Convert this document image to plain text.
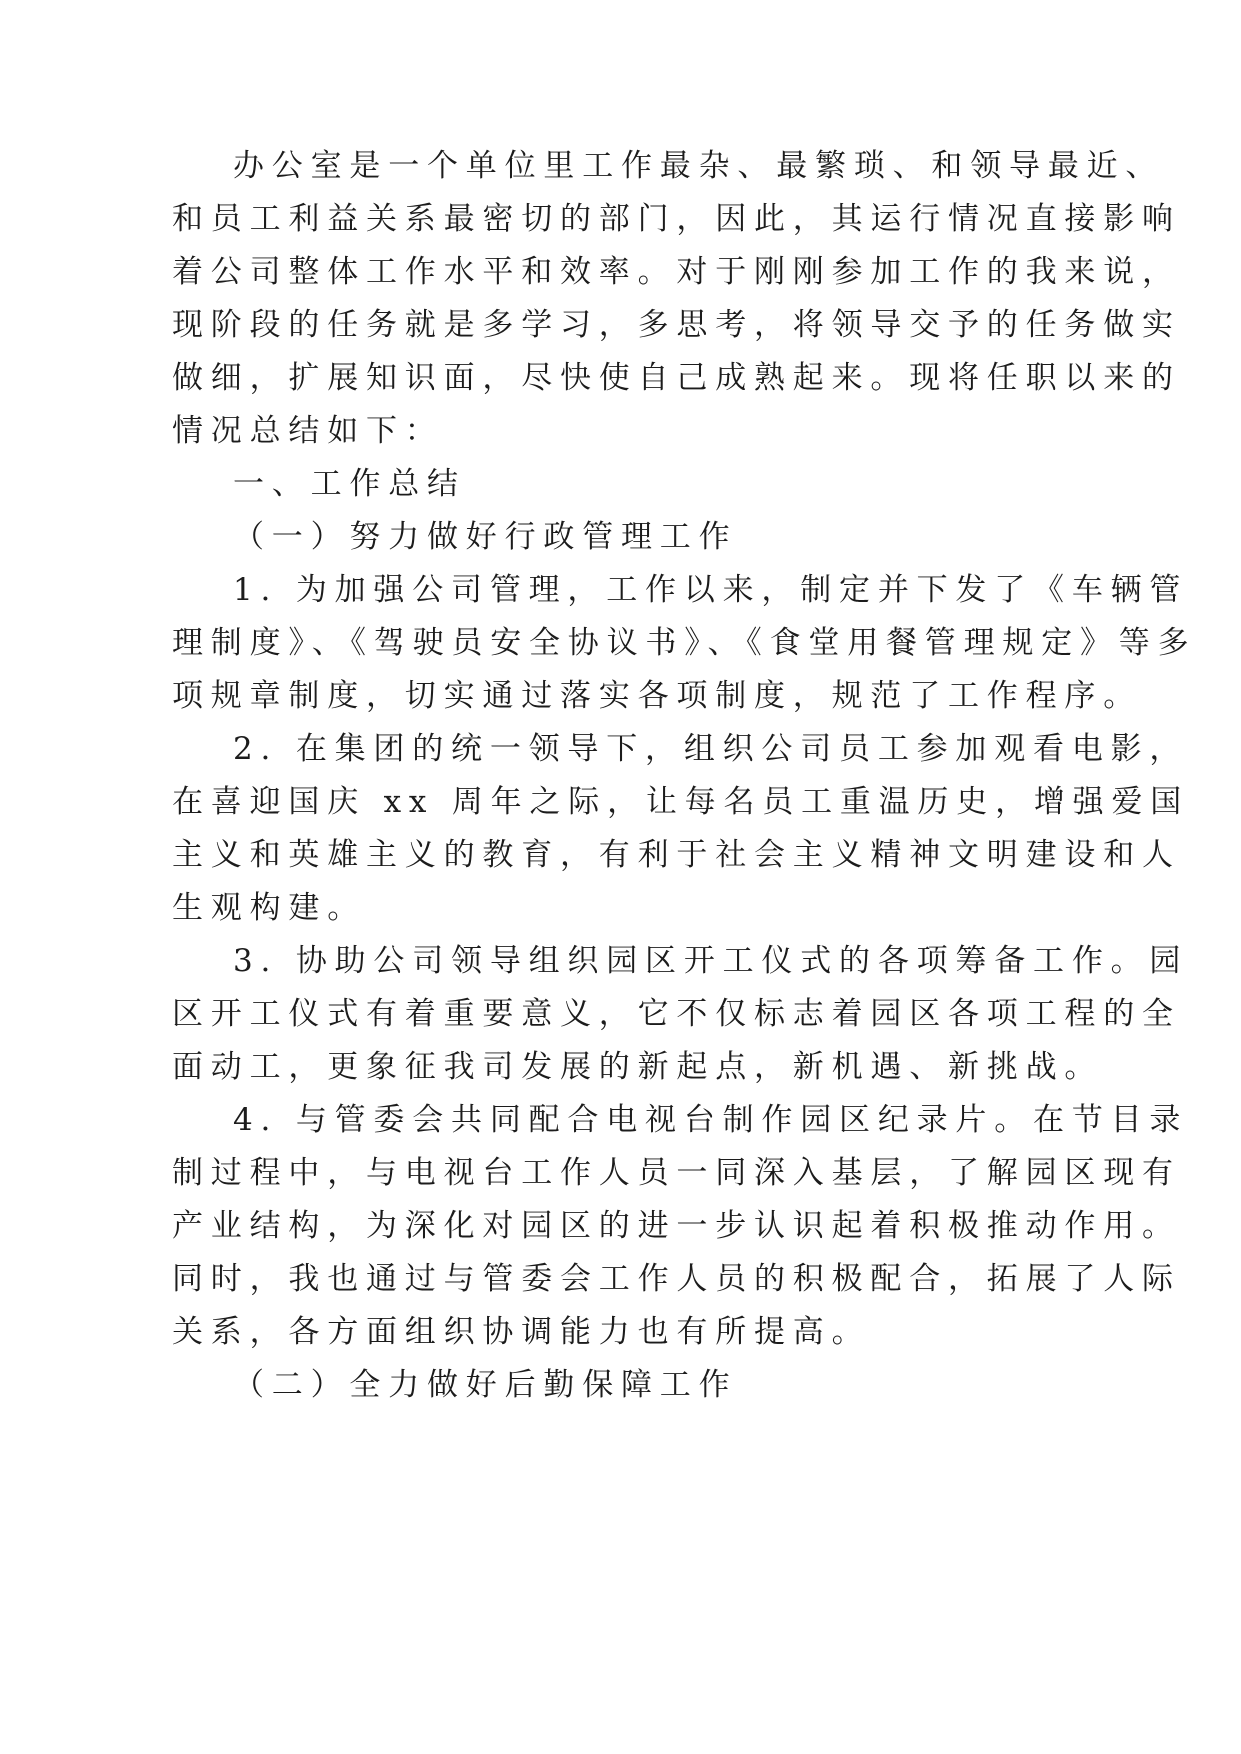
办公室是一个单位里工作最杂、最繁琐、和领导最近、

和员工利益关系最密切的部门，因此，其运行情况直接影响

着公司整体工作水平和效率。对于刚刚参加工作的我来说，

现阶段的任务就是多学习，多思考，将领导交予的任务做实

做细，扩展知识面，尽快使自己成熟起来。现将任职以来的

情况总结如下：

一、工作总结

（一）努力做好行政管理工作

1. 为加强公司管理，工作以来，制定并下发了《车辆管

理制度》、《驾驶员安全协议书》、《食堂用餐管理规定》等多

项规章制度，切实通过落实各项制度，规范了工作程序。

2. 在集团的统一领导下，组织公司员工参加观看电影，

在喜迎国庆 xx 周年之际，让每名员工重温历史，增强爱国

主义和英雄主义的教育，有利于社会主义精神文明建设和人

生观构建。

3. 协助公司领导组织园区开工仪式的各项筹备工作。园

区开工仪式有着重要意义，它不仅标志着园区各项工程的全

面动工，更象征我司发展的新起点，新机遇、新挑战。

4. 与管委会共同配合电视台制作园区纪录片。在节目录

制过程中，与电视台工作人员一同深入基层，了解园区现有

产业结构，为深化对园区的进一步认识起着积极推动作用。

同时，我也通过与管委会工作人员的积极配合，拓展了人际

关系，各方面组织协调能力也有所提高。

（二）全力做好后勤保障工作
